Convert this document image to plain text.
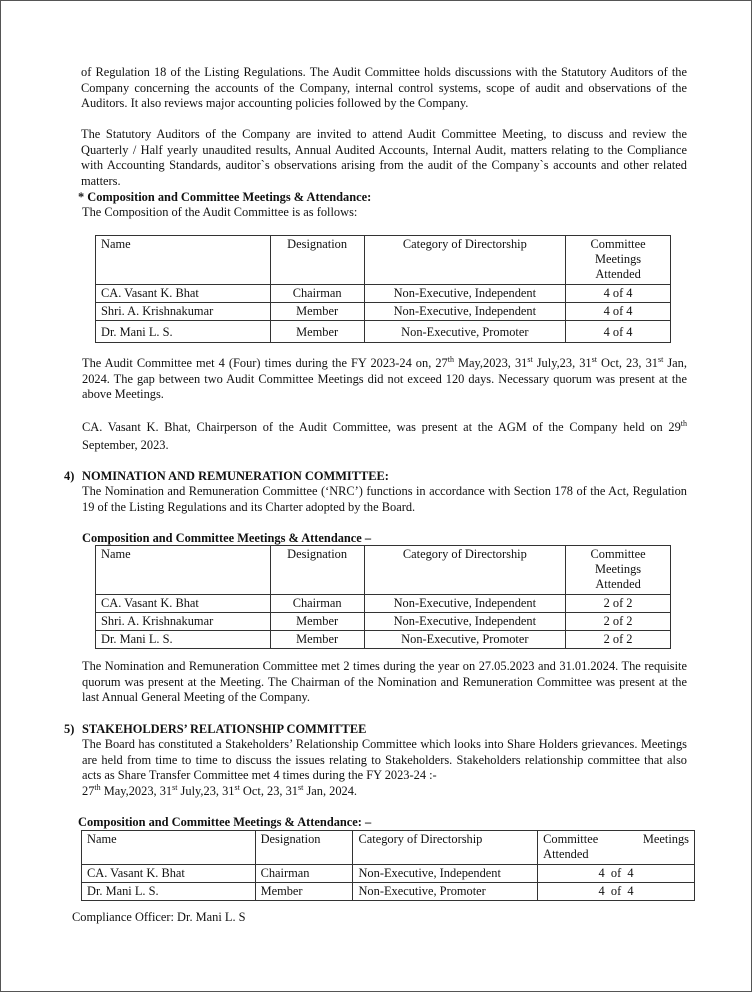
of Regulation 18 of the Listing Regulations. The Audit Committee holds discussions with the Statutory Auditors of the Company concerning the accounts of the Company, internal control systems, scope of audit and observations of the Auditors. It also reviews major accounting policies followed by the Company.
The Statutory Auditors of the Company are invited to attend Audit Committee Meeting, to discuss and review the Quarterly / Half yearly unaudited results, Annual Audited Accounts, Internal Audit, matters relating to the Compliance with Accounting Standards, auditor`s observations arising from the audit of the Company`s accounts and other related matters.
* Composition and Committee Meetings & Attendance:
The Composition of the Audit Committee is as follows:
Name	Designation	Category of Directorship	Committee Meetings Attended
CA. Vasant K. Bhat	Chairman	Non-Executive, Independent	4 of 4
Shri. A. Krishnakumar	Member	Non-Executive, Independent	4 of 4
Dr. Mani L. S.	Member	Non-Executive, Promoter	4 of 4
The Audit Committee met 4 (Four) times during the FY 2023-24 on, 27th May,2023, 31st July,23, 31st Oct, 23, 31st Jan, 2024. The gap between two Audit Committee Meetings did not exceed 120 days. Necessary quorum was present at the above Meetings.
CA. Vasant K. Bhat, Chairperson of the Audit Committee, was present at the AGM of the Company held on 29th September, 2023.
4) NOMINATION AND REMUNERATION COMMITTEE:
The Nomination and Remuneration Committee (‘NRC’) functions in accordance with Section 178 of the Act, Regulation 19 of the Listing Regulations and its Charter adopted by the Board.
Composition and Committee Meetings & Attendance –
Name	Designation	Category of Directorship	Committee Meetings Attended
CA. Vasant K. Bhat	Chairman	Non-Executive, Independent	2 of 2
Shri. A. Krishnakumar	Member	Non-Executive, Independent	2 of 2
Dr. Mani L. S.	Member	Non-Executive, Promoter	2 of 2
The Nomination and Remuneration Committee met 2 times during the year on 27.05.2023 and 31.01.2024. The requisite quorum was present at the Meeting. The Chairman of the Nomination and Remuneration Committee was present at the last Annual General Meeting of the Company.
5) STAKEHOLDERS’ RELATIONSHIP COMMITTEE
The Board has constituted a Stakeholders’ Relationship Committee which looks into Share Holders grievances. Meetings are held from time to time to discuss the issues relating to Stakeholders. Stakeholders relationship committee that also acts as Share Transfer Committee met 4 times during the FY 2023-24 :-
27th May,2023, 31st July,23, 31st Oct, 23, 31st Jan, 2024.
Composition and Committee Meetings & Attendance: –
Name	Designation	Category of Directorship	Committee Meetings
Attended

CA. Vasant K. Bhat	Chairman	Non-Executive, Independent	4  of  4
Dr. Mani L. S.	Member	Non-Executive, Promoter	4  of  4
Compliance Officer: Dr. Mani L. S
